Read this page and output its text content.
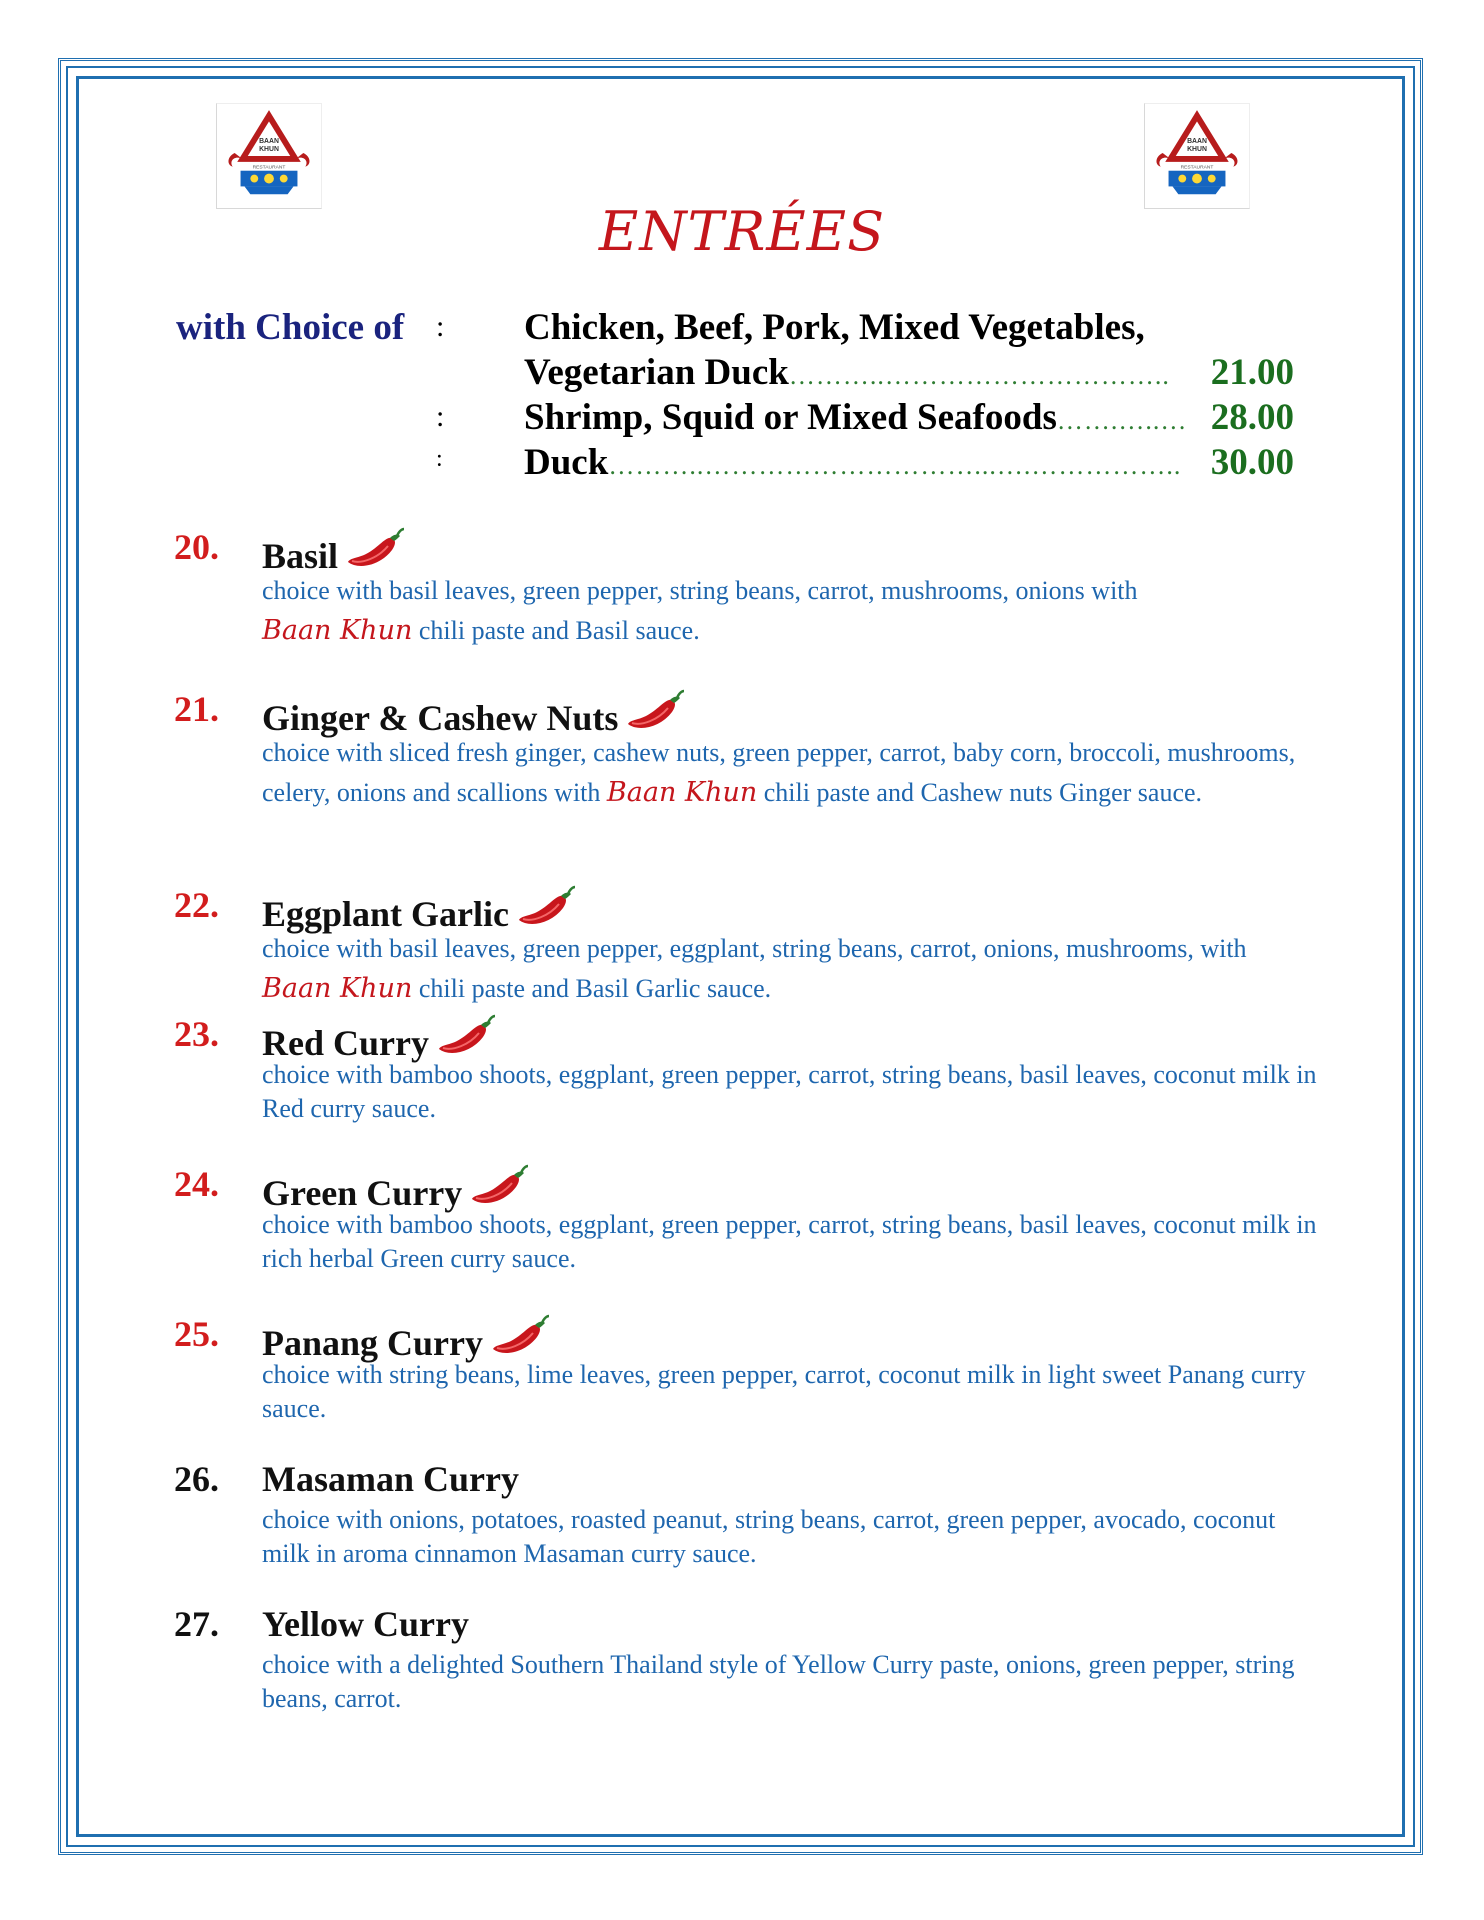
BAAN
KHUN
RESTAURANT
BAAN
KHUN
RESTAURANT
ENTRÉES
with Choice of : Chicken, Beef, Pork, Mixed Vegetables,
Vegetarian Duck………..………………………….. 21.00
: Shrimp, Squid or Mixed Seafoods…….…..… 28.00
: Duck………..…………………………...….…………….. 30.00
20. Basil
choice with basil leaves, green pepper, string beans, carrot, mushrooms, onions with
Baan Khun chili paste and Basil sauce.
21. Ginger & Cashew Nuts
choice with sliced fresh ginger, cashew nuts, green pepper, carrot, baby corn, broccoli, mushrooms, celery, onions and scallions with Baan Khun chili paste and Cashew nuts Ginger sauce.
22. Eggplant Garlic
choice with basil leaves, green pepper, eggplant, string beans, carrot, onions, mushrooms, with Baan Khun chili paste and Basil Garlic sauce.
23. Red Curry
choice with bamboo shoots, eggplant, green pepper, carrot, string beans, basil leaves, coconut milk in Red curry sauce.
24. Green Curry
choice with bamboo shoots, eggplant, green pepper, carrot, string beans, basil leaves, coconut milk in rich herbal Green curry sauce.
25. Panang Curry
choice with string beans, lime leaves, green pepper, carrot, coconut milk in light sweet Panang curry sauce.
26. Masaman Curry
choice with onions, potatoes, roasted peanut, string beans, carrot, green pepper, avocado, coconut milk in aroma cinnamon Masaman curry sauce.
27. Yellow Curry
choice with a delighted Southern Thailand style of Yellow Curry paste, onions, green pepper, string beans, carrot.
